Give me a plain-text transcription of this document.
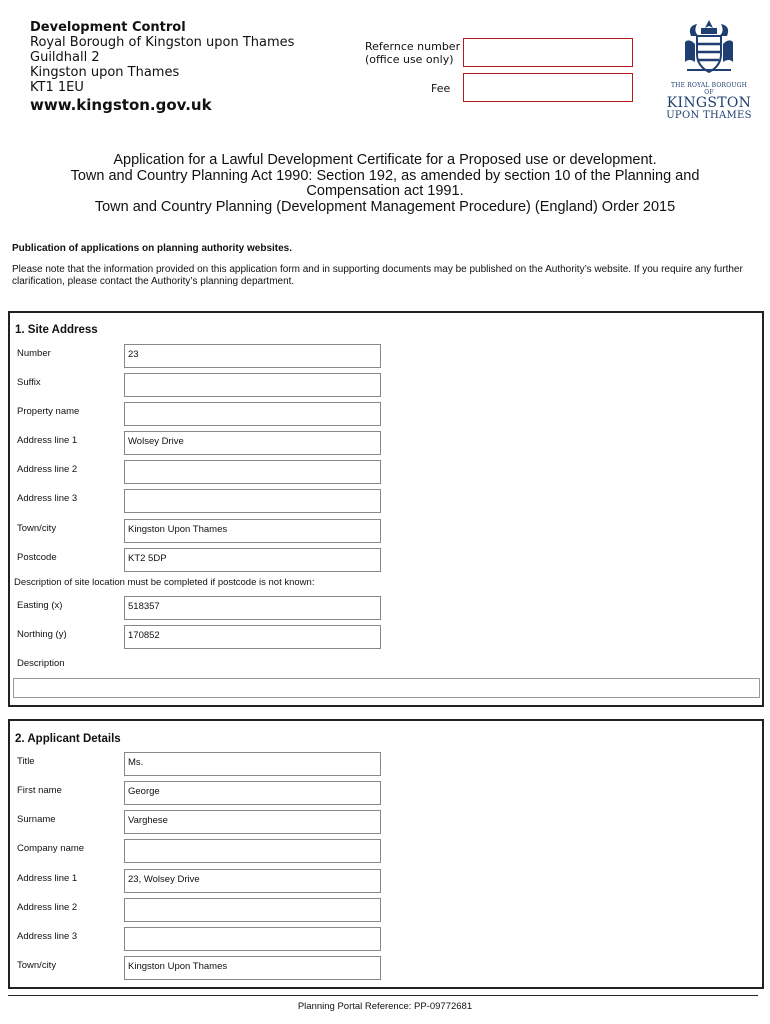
Development Control
Royal Borough of Kingston upon Thames
Guildhall 2
Kingston upon Thames
KT1 1EU
www.kingston.gov.uk
Refernce number
(office use only)
Fee	THE ROYAL BOROUGH OF
KINGSTON
UPON THAMES
Application for a Lawful Development Certificate for a Proposed use or development.
Town and Country Planning Act 1990: Section 192, as amended by section 10 of the Planning and
Compensation act 1991.
Town and Country Planning (Development Management Procedure) (England) Order 2015
Publication of applications on planning authority websites.
Please note that the information provided on this application form and in supporting documents may be published on the Authority’s website. If you require any further clarification, please contact the Authority’s planning department.
1. Site Address
Number	23
Suffix
Property name
Address line 1	Wolsey Drive
Address line 2
Address line 3
Town/city	Kingston Upon Thames
Postcode	KT2 5DP
Description of site location must be completed if postcode is not known:
Easting (x)	518357
Northing (y)	170852
Description
2. Applicant Details
Title	Ms.
First name	George
Surname	Varghese
Company name
Address line 1	23, Wolsey Drive
Address line 2
Address line 3
Town/city	Kingston Upon Thames
Planning Portal Reference: PP-09772681
